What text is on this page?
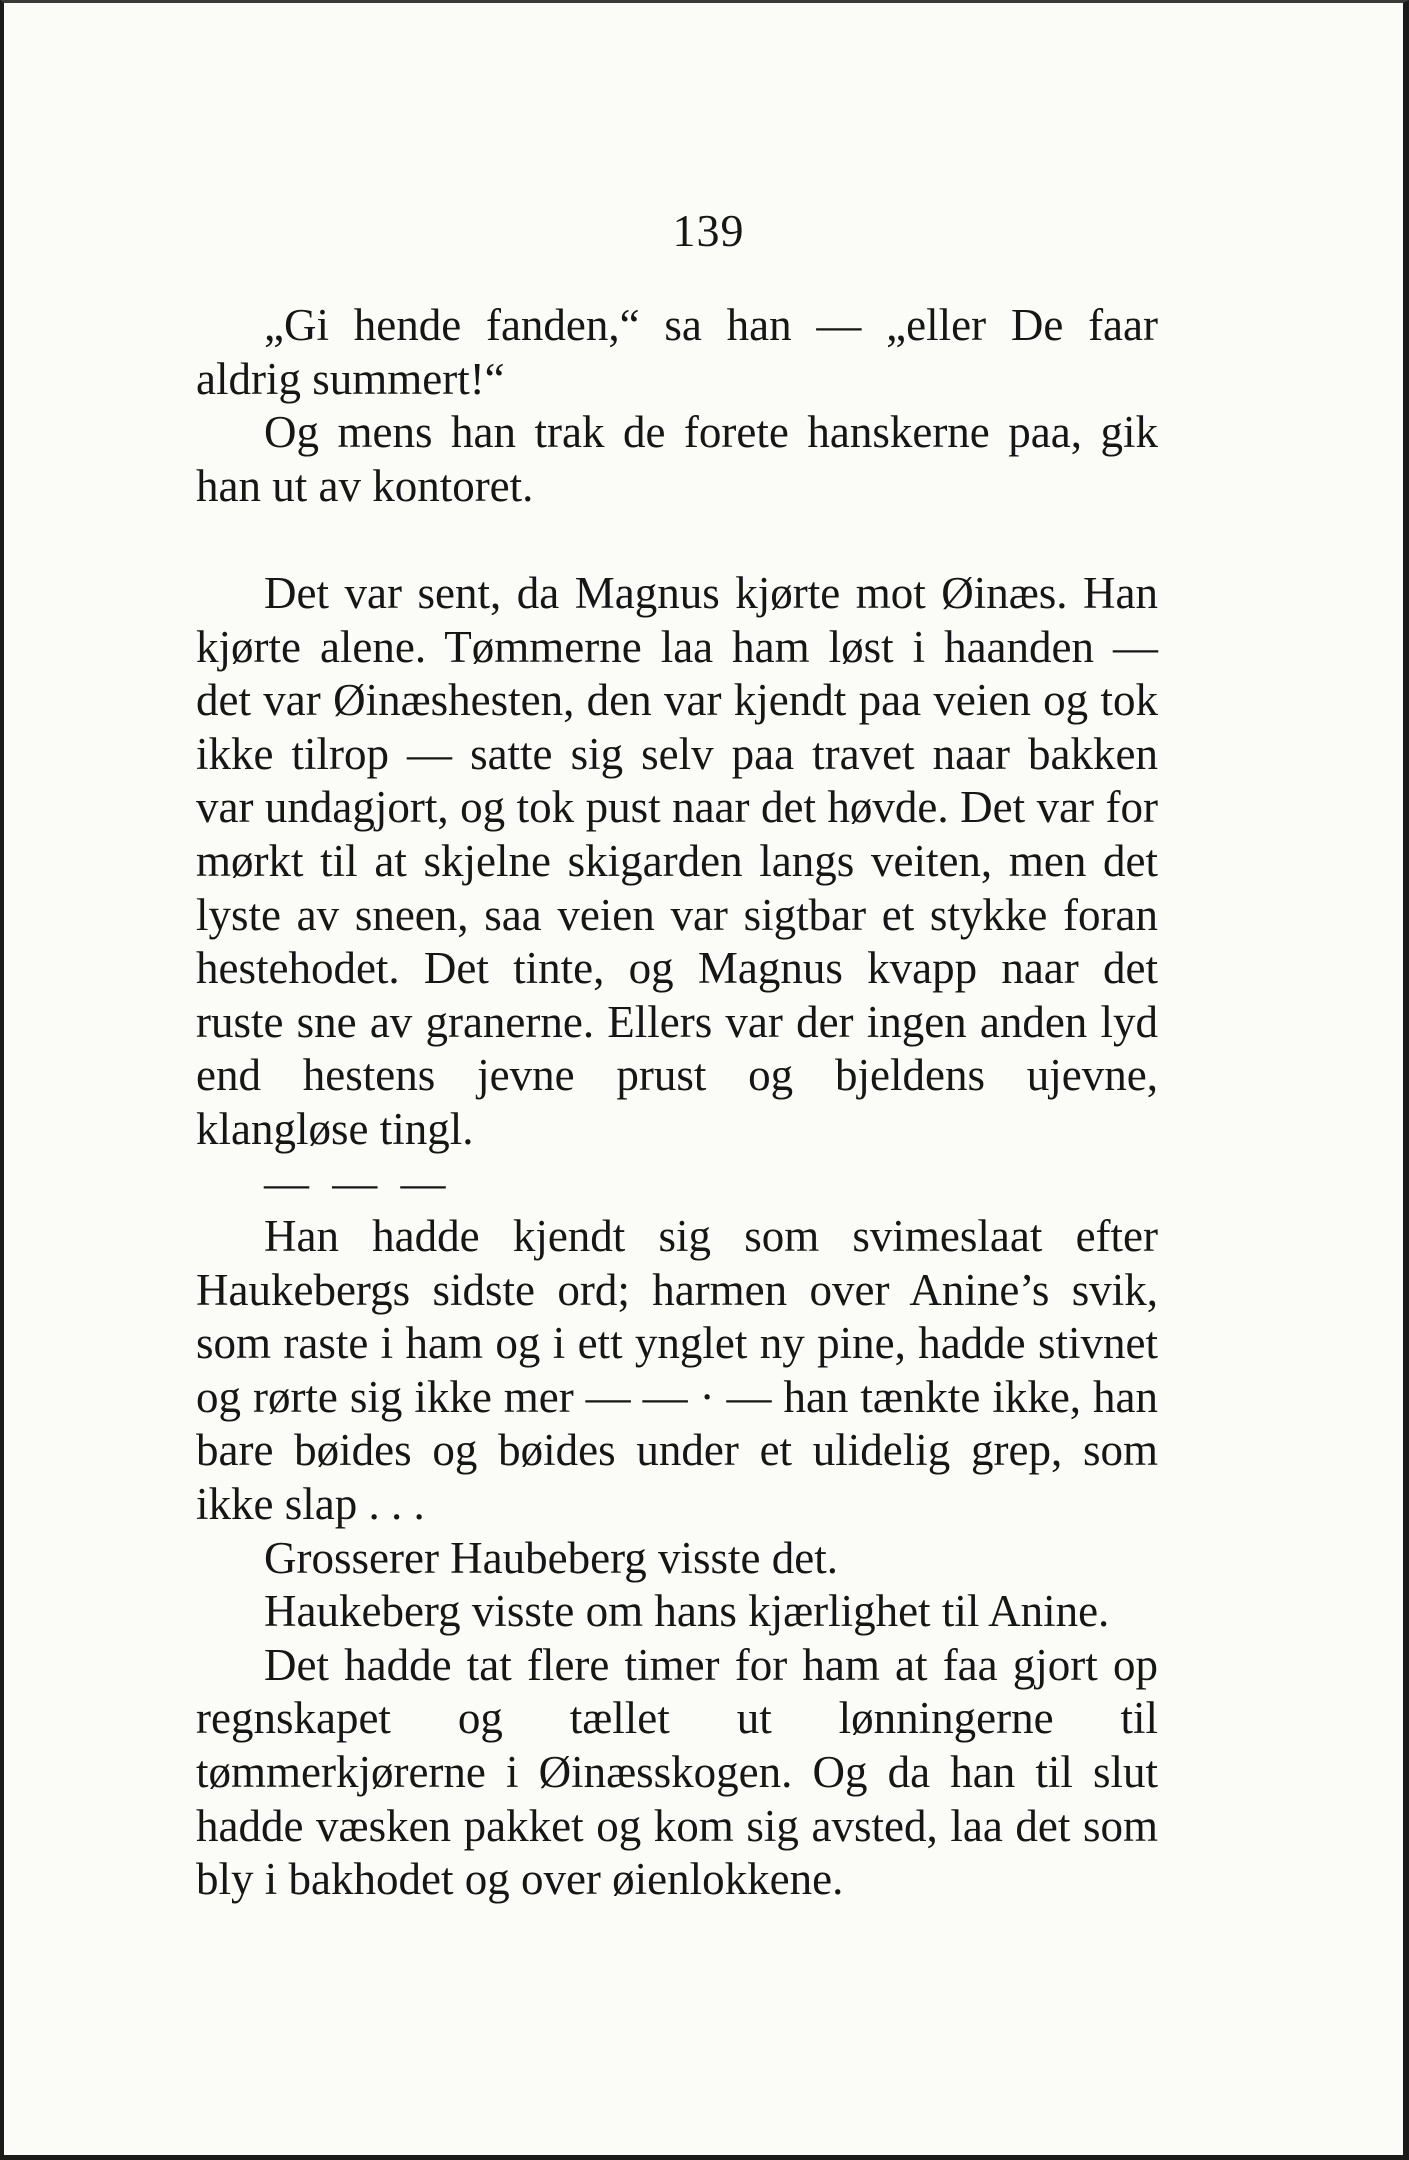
139

„Gi hende fanden,“ sa han — „eller De faar aldrig summert!“

Og mens han trak de forete hanskerne paa, gik han ut av kontoret.

Det var sent, da Magnus kjørte mot Øinæs. Han kjørte alene. Tømmerne laa ham løst i haanden — det var Øinæshesten, den var kjendt paa veien og tok ikke tilrop — satte sig selv paa travet naar bakken var undagjort, og tok pust naar det høvde. Det var for mørkt til at skjelne skigarden langs veiten, men det lyste av sneen, saa veien var sigtbar et stykke foran hestehodet. Det tinte, og Magnus kvapp naar det ruste sne av granerne. Ellers var der ingen anden lyd end hestens jevne prust og bjeldens ujevne, klangløse tingl.

— — —

Han hadde kjendt sig som svimeslaat efter Haukebergs sidste ord; harmen over Anine’s svik, som raste i ham og i ett ynglet ny pine, hadde stivnet og rørte sig ikke mer — — · — han tænkte ikke, han bare bøides og bøides under et ulidelig grep, som ikke slap . . .

Grosserer Haubeberg visste det.

Haukeberg visste om hans kjærlighet til Anine.

Det hadde tat flere timer for ham at faa gjort op regnskapet og tællet ut lønningerne til tømmerkjørerne i Øinæsskogen. Og da han til slut hadde væsken pakket og kom sig avsted, laa det som bly i bakhodet og over øienlokkene.
